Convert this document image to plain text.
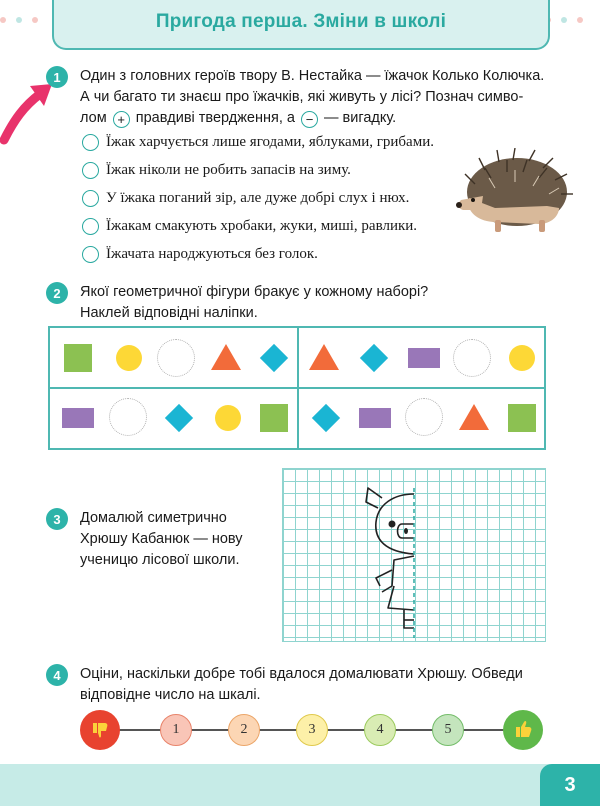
Пригода перша. Зміни в школі
1	Один з головних героїв твору В. Нестайка — їжачок Колько Колючка.
А чи багато ти знаєш про їжачків, які живуть у лісі? Познач симво-
лом + правдиві твердження, а − — вигадку.
Їжак харчується лише ягодами, яблуками, грибами.
Їжак ніколи не робить запасів на зиму.
У їжака поганий зір, але дуже добрі слух і нюх.
Їжакам смакують хробаки, жуки, миші, равлики.
Їжачата народжуються без голок.
2	Якої геометричної фігури бракує у кожному наборі?
Наклей відповідні наліпки.
3	Домалюй симетрично
Хрюшу Кабанюк — нову
ученицю лісової школи.
4	Оціни, наскільки добре тобі вдалося домалювати Хрюшу. Обведи
відповідне число на шкалі.
1	2	3	4	5
3
